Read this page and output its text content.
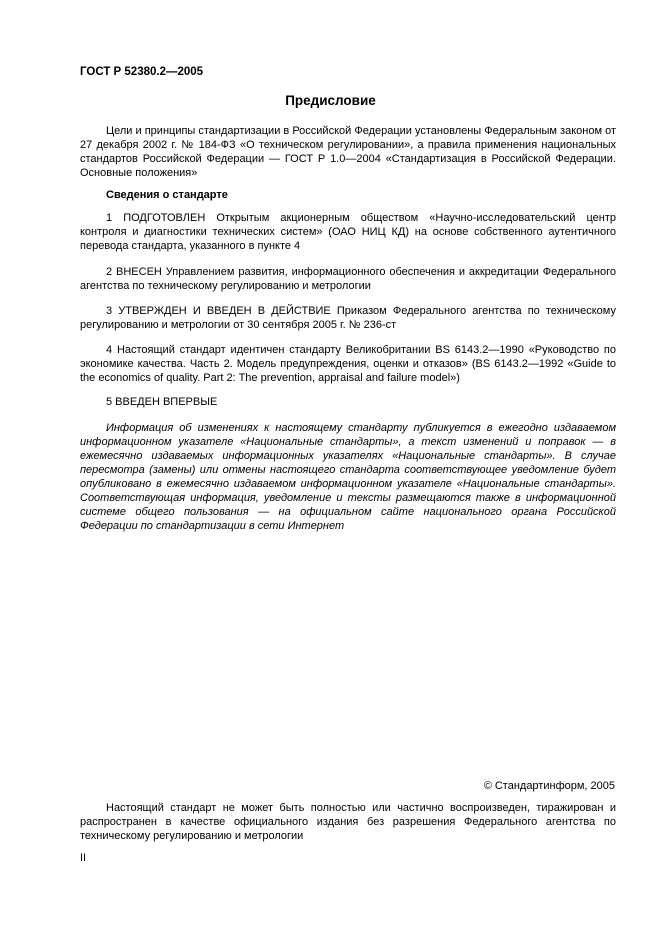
ГОСТ Р 52380.2—2005
Предисловие
Цели и принципы стандартизации в Российской Федерации установлены Федеральным законом от 27 декабря 2002 г. № 184-ФЗ «О техническом регулировании», а правила применения национальных стандартов Российской Федерации — ГОСТ Р 1.0—2004 «Стандартизация в Российской Федерации. Основные положения»
Сведения о стандарте
1 ПОДГОТОВЛЕН Открытым акционерным обществом «Научно-исследовательский центр контроля и диагностики технических систем» (ОАО НИЦ КД) на основе собственного аутентичного перевода стандарта, указанного в пункте 4
2 ВНЕСЕН Управлением развития, информационного обеспечения и аккредитации Федерального агентства по техническому регулированию и метрологии
3 УТВЕРЖДЕН И ВВЕДЕН В ДЕЙСТВИЕ Приказом Федерального агентства по техническому регулированию и метрологии от 30 сентября 2005 г. № 236-ст
4 Настоящий стандарт идентичен стандарту Великобритании BS 6143.2—1990 «Руководство по экономике качества. Часть 2. Модель предупреждения, оценки и отказов» (BS 6143.2—1992 «Guide to the economics of quality. Part 2: The prevention, appraisal and failure model»)
5 ВВЕДЕН ВПЕРВЫЕ
Информация об изменениях к настоящему стандарту публикуется в ежегодно издаваемом информационном указателе «Национальные стандарты», а текст изменений и поправок — в ежемесячно издаваемых информационных указателях «Национальные стандарты». В случае пересмотра (замены) или отмены настоящего стандарта соответствующее уведомление будет опубликовано в ежемесячно издаваемом информационном указателе «Национальные стандарты». Соответствующая информация, уведомление и тексты размещаются также в информационной системе общего пользования — на официальном сайте национального органа Российской Федерации по стандартизации в сети Интернет
© Стандартинформ, 2005
Настоящий стандарт не может быть полностью или частично воспроизведен, тиражирован и распространен в качестве официального издания без разрешения Федерального агентства по техническому регулированию и метрологии
II
